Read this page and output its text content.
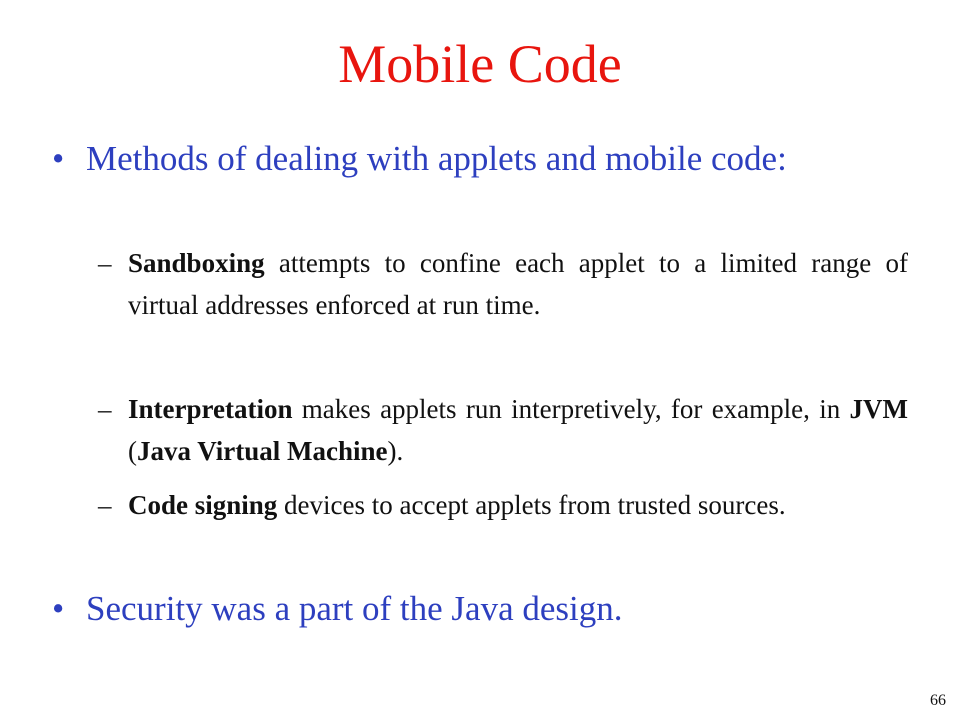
Mobile Code
• Methods of dealing with applets and mobile code:
– Sandboxing attempts to confine each applet to a limited range of virtual addresses enforced at run time.
– Interpretation makes applets run interpretively, for example, in JVM (Java Virtual Machine).
– Code signing devices to accept applets from trusted sources.
• Security was a part of the Java design.
66
